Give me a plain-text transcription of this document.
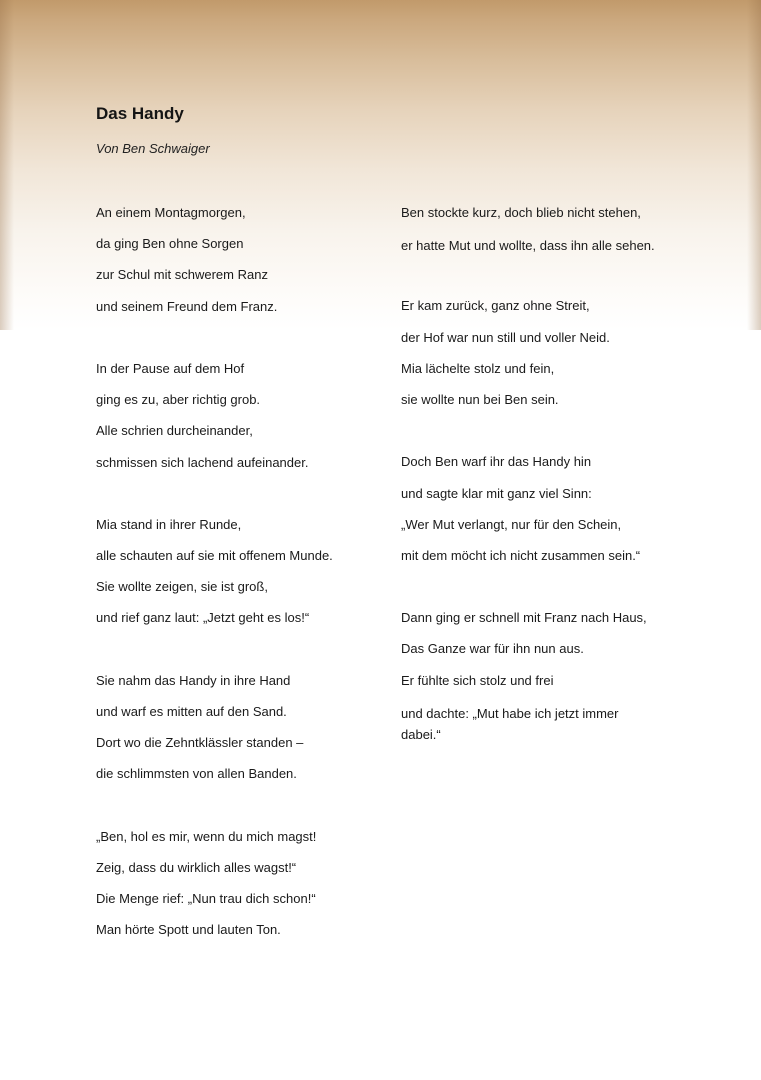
Das Handy
Von Ben Schwaiger
An einem Montagmorgen,
da ging Ben ohne Sorgen
zur Schul mit schwerem Ranz
und seinem Freund dem Franz.
In der Pause auf dem Hof
ging es zu, aber richtig grob.
Alle schrien durcheinander,
schmissen sich lachend aufeinander.
Mia stand in ihrer Runde,
alle schauten auf sie mit offenem Munde.
Sie wollte zeigen, sie ist groß,
und rief ganz laut: „Jetzt geht es los!“
Sie nahm das Handy in ihre Hand
und warf es mitten auf den Sand.
Dort wo die Zehntklässler standen –
die schlimmsten von allen Banden.
„Ben, hol es mir, wenn du mich magst!
Zeig, dass du wirklich alles wagst!“
Die Menge rief: „Nun trau dich schon!“
Man hörte Spott und lauten Ton.
Ben stockte kurz, doch blieb nicht stehen,
er hatte Mut und wollte, dass ihn alle sehen.
Er kam zurück, ganz ohne Streit,
der Hof war nun still und voller Neid.
Mia lächelte stolz und fein,
sie wollte nun bei Ben sein.
Doch Ben warf ihr das Handy hin
und sagte klar mit ganz viel Sinn:
„Wer Mut verlangt, nur für den Schein,
mit dem möcht ich nicht zusammen sein.“
Dann ging er schnell mit Franz nach Haus,
Das Ganze war für ihn nun aus.
Er fühlte sich stolz und frei
und dachte: „Mut habe ich jetzt immer dabei.“
